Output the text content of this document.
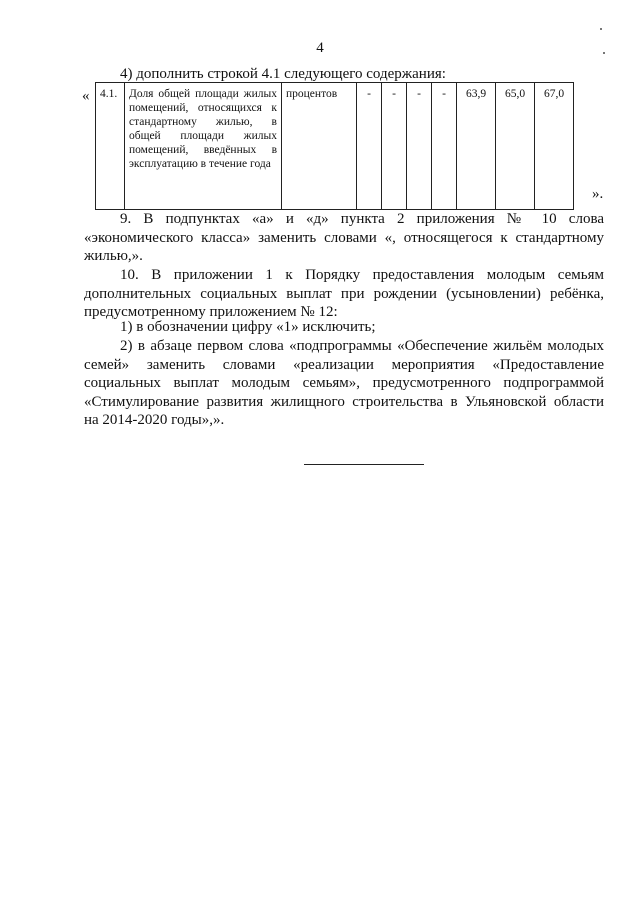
4
4) дополнить строкой 4.1 следующего содержания:
« 4.1.	Доля общей площади жилых помещений, относящихся к стандартному жилью, в общей площади жилых помещений, введённых в эксплуатацию в течение года	процентов	-	-	-	-	63,9	65,0	67,0
».
9. В подпунктах «а» и «д» пункта 2 приложения № 10 слова
«экономического класса» заменить словами «, относящегося к стандартному
жилью,».
10. В приложении 1 к Порядку предоставления молодым семьям
дополнительных социальных выплат при рождении (усыновлении) ребёнка,
предусмотренному приложением № 12:
1) в обозначении цифру «1» исключить;
2) в абзаце первом слова «подпрограммы «Обеспечение жильём молодых
семей» заменить словами «реализации мероприятия «Предоставление
социальных выплат молодым семьям», предусмотренного подпрограммой
«Стимулирование развития жилищного строительства в Ульяновской области
на 2014-2020 годы»,».
